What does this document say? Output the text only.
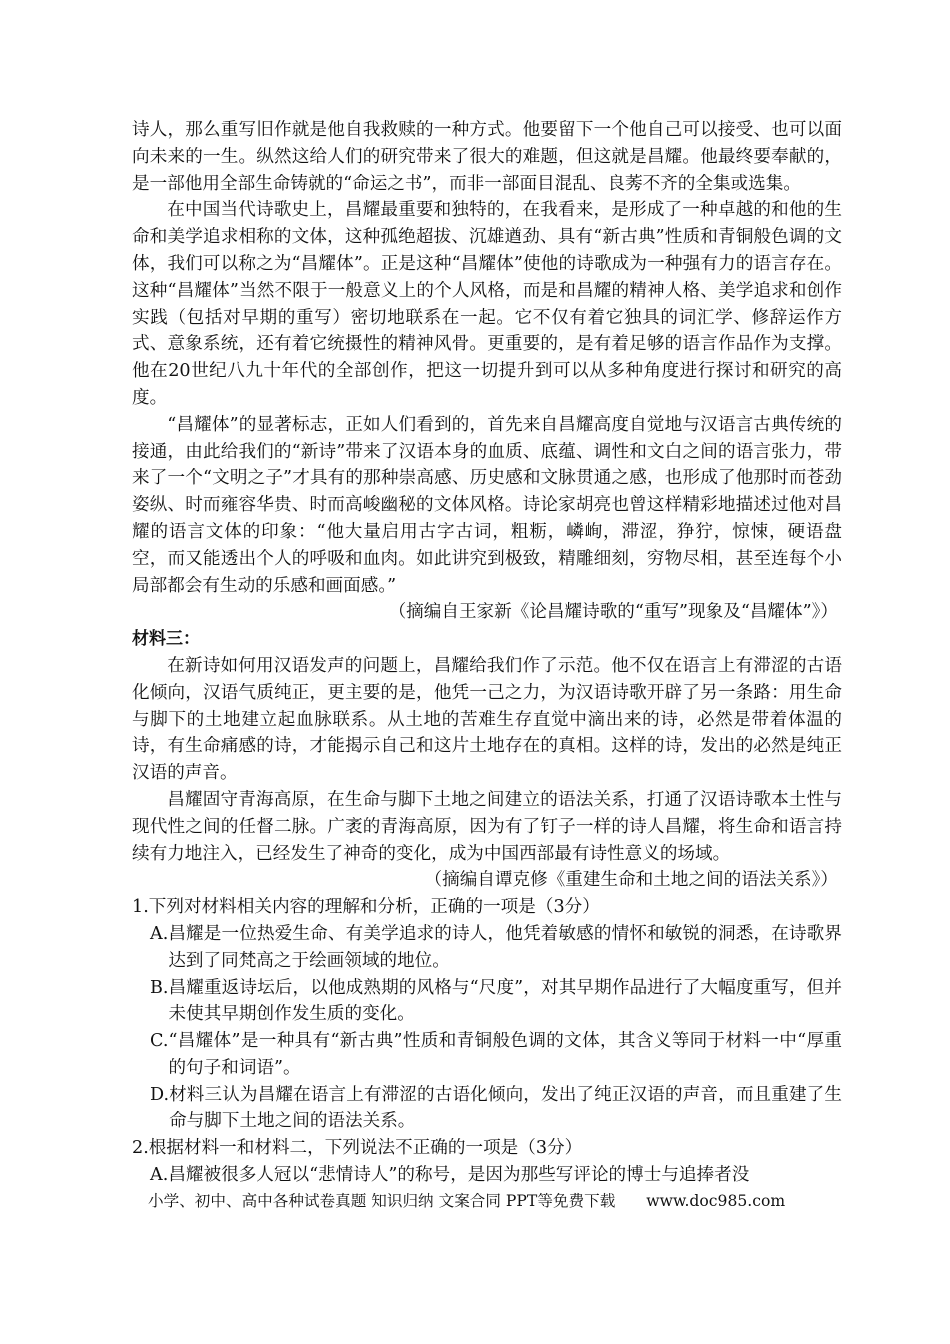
诗人，那么重写旧作就是他自我救赎的一种方式。他要留下一个他自己可以接受、也可以面向未来的一生。纵然这给人们的研究带来了很大的难题，但这就是昌耀。他最终要奉献的，是一部他用全部生命铸就的“命运之书”，而非一部面目混乱、良莠不齐的全集或选集。

在中国当代诗歌史上，昌耀最重要和独特的，在我看来，是形成了一种卓越的和他的生命和美学追求相称的文体，这种孤绝超拔、沉雄遒劲、具有“新古典”性质和青铜般色调的文体，我们可以称之为“昌耀体”。正是这种“昌耀体”使他的诗歌成为一种强有力的语言存在。这种“昌耀体”当然不限于一般意义上的个人风格，而是和昌耀的精神人格、美学追求和创作实践（包括对早期的重写）密切地联系在一起。它不仅有着它独具的词汇学、修辞运作方式、意象系统，还有着它统摄性的精神风骨。更重要的，是有着足够的语言作品作为支撑。他在20世纪八九十年代的全部创作，把这一切提升到可以从多种角度进行探讨和研究的高度。

“昌耀体”的显著标志，正如人们看到的，首先来自昌耀高度自觉地与汉语言古典传统的接通，由此给我们的“新诗”带来了汉语本身的血质、底蕴、调性和文白之间的语言张力，带来了一个“文明之子”才具有的那种崇高感、历史感和文脉贯通之感，也形成了他那时而苍劲姿纵、时而雍容华贵、时而高峻幽秘的文体风格。诗论家胡亮也曾这样精彩地描述过他对昌耀的语言文体的印象：“他大量启用古字古词，粗粝，嶙峋，滞涩，狰狞，惊悚，硬语盘空，而又能透出个人的呼吸和血肉。如此讲究到极致，精雕细刻，穷物尽相，甚至连每个小局部都会有生动的乐感和画面感。”

（摘编自王家新《论昌耀诗歌的“重写”现象及“昌耀体”》）

材料三：

在新诗如何用汉语发声的问题上，昌耀给我们作了示范。他不仅在语言上有滞涩的古语化倾向，汉语气质纯正，更主要的是，他凭一己之力，为汉语诗歌开辟了另一条路：用生命与脚下的土地建立起血脉联系。从土地的苦难生存直觉中滴出来的诗，必然是带着体温的诗，有生命痛感的诗，才能揭示自己和这片土地存在的真相。这样的诗，发出的必然是纯正汉语的声音。

昌耀固守青海高原，在生命与脚下土地之间建立的语法关系，打通了汉语诗歌本土性与现代性之间的任督二脉。广袤的青海高原，因为有了钉子一样的诗人昌耀，将生命和语言持续有力地注入，已经发生了神奇的变化，成为中国西部最有诗性意义的场域。

（摘编自谭克修《重建生命和土地之间的语法关系》）

1.下列对材料相关内容的理解和分析，正确的一项是（3分）

A. 昌耀是一位热爱生命、有美学追求的诗人，他凭着敏感的情怀和敏锐的洞悉，在诗歌界达到了同梵高之于绘画领域的地位。
B. 昌耀重返诗坛后，以他成熟期的风格与“尺度”，对其早期作品进行了大幅度重写，但并未使其早期创作发生质的变化。
C. “昌耀体”是一种具有“新古典”性质和青铜般色调的文体，其含义等同于材料一中“厚重的句子和词语”。
D. 材料三认为昌耀在语言上有滞涩的古语化倾向，发出了纯正汉语的声音，而且重建了生命与脚下土地之间的语法关系。

2.根据材料一和材料二，下列说法不正确的一项是（3分）

A. 昌耀被很多人冠以“悲情诗人”的称号，是因为那些写评论的博士与追捧者没
小学、初中、高中各种试卷真题 知识归纳 文案合同 PPT等免费下载 www.doc985.com
